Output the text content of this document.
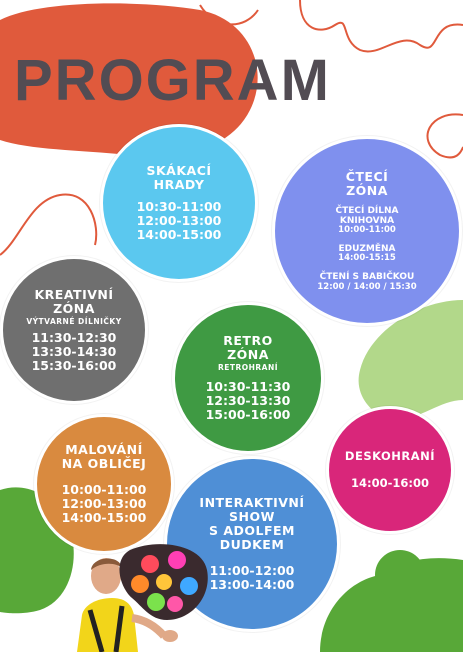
PROGRAM
SKÁKACÍ
HRADY
10:30-11:00
12:00-13:00
14:00-15:00
ČTECÍ
ZÓNA
ČTECÍ DÍLNA
KNIHOVNA
10:00-11:00
EDUZMĚNA
14:00-15:15
ČTENÍ S BABIČKOU
12:00 / 14:00 / 15:30
KREATIVNÍ
ZÓNA
VÝTVARNÉ DÍLNIČKY
11:30-12:30
13:30-14:30
15:30-16:00
RETRO
ZÓNA
RETROHRANÍ
10:30-11:30
12:30-13:30
15:00-16:00
MALOVÁNÍ
NA OBLIČEJ
10:00-11:00
12:00-13:00
14:00-15:00
DESKOHRANÍ
14:00-16:00
INTERAKTIVNÍ
SHOW
S ADOLFEM
DUDKEM
11:00-12:00
13:00-14:00
